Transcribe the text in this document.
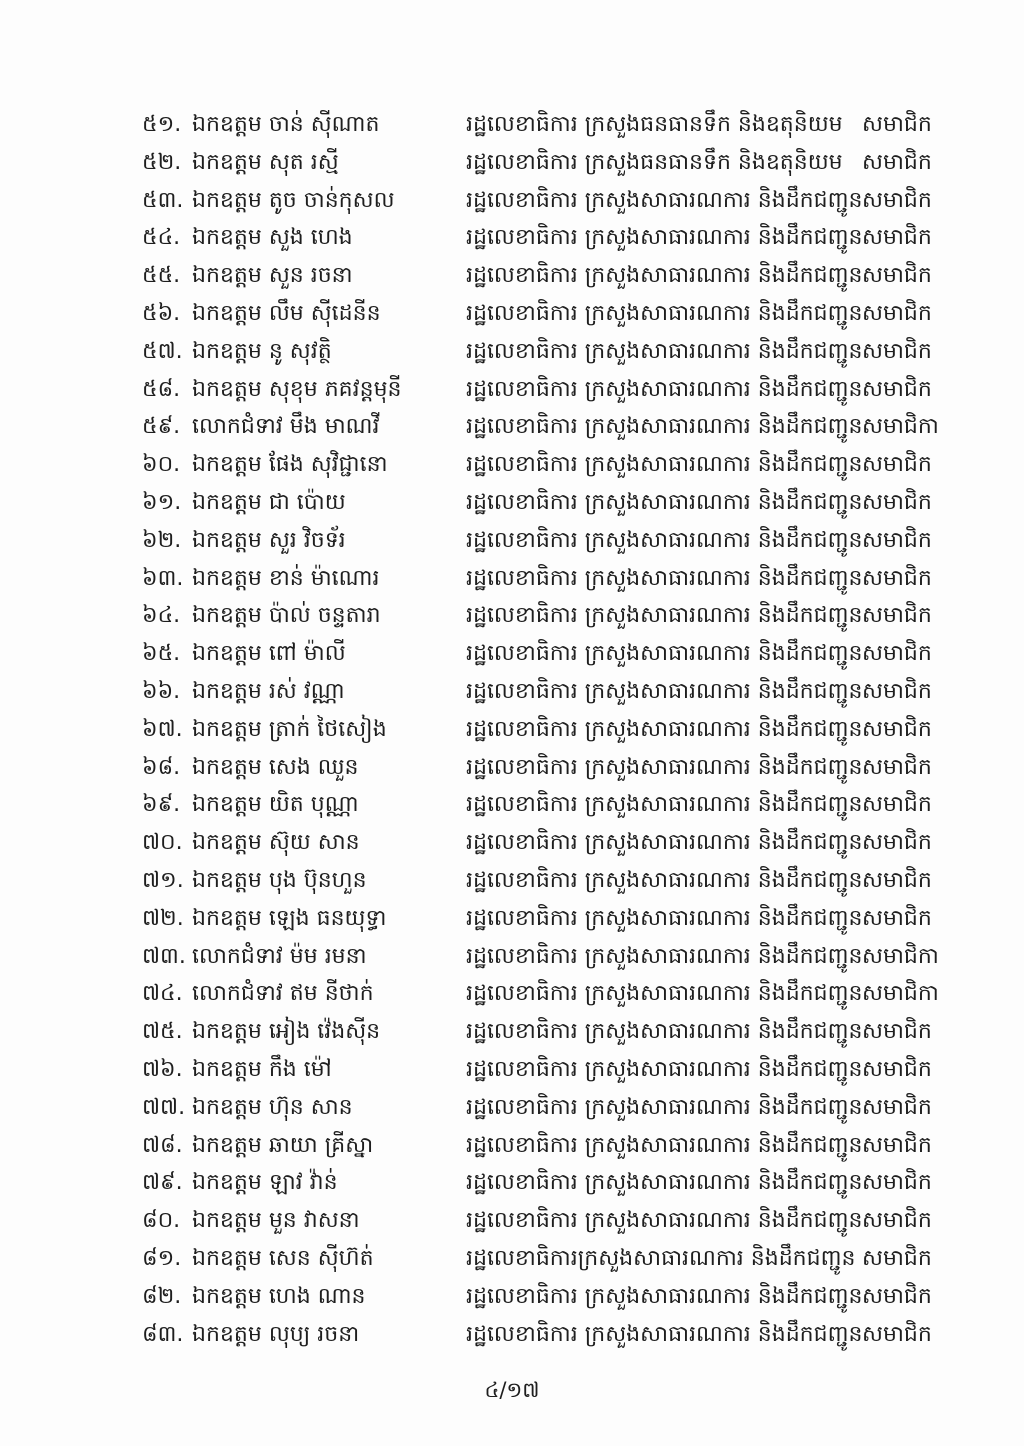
៥១. ឯកឧត្តម ចាន់ ស៊ីណាត	រដ្ឋលេខាធិការ ក្រសួងធនធានទឹក និងឧតុនិយម សមាជិក
៥២. ឯកឧត្តម សុត រស្មី	រដ្ឋលេខាធិការ ក្រសួងធនធានទឹក និងឧតុនិយម សមាជិក
៥៣. ឯកឧត្តម តូច ចាន់កុសល	រដ្ឋលេខាធិការ ក្រសួងសាធារណការ និងដឹកជញ្ជូន សមាជិក
៥៤. ឯកឧត្តម សួង ហេង	រដ្ឋលេខាធិការ ក្រសួងសាធារណការ និងដឹកជញ្ជូន សមាជិក
៥៥. ឯកឧត្តម សួន រចនា	រដ្ឋលេខាធិការ ក្រសួងសាធារណការ និងដឹកជញ្ជូន សមាជិក
៥៦. ឯកឧត្តម លឹម ស៊ីដេនីន	រដ្ឋលេខាធិការ ក្រសួងសាធារណការ និងដឹកជញ្ជូន សមាជិក
៥៧. ឯកឧត្តម នូ សុវត្ថិ	រដ្ឋលេខាធិការ ក្រសួងសាធារណការ និងដឹកជញ្ជូន សមាជិក
៥៨. ឯកឧត្តម សុខុម ភគវន្តមុនី	រដ្ឋលេខាធិការ ក្រសួងសាធារណការ និងដឹកជញ្ជូន សមាជិក
៥៩. លោកជំទាវ មឹង មាណវី	រដ្ឋលេខាធិការ ក្រសួងសាធារណការ និងដឹកជញ្ជូន សមាជិកា
៦០. ឯកឧត្តម ផែង សុវិជ្ជានោ	រដ្ឋលេខាធិការ ក្រសួងសាធារណការ និងដឹកជញ្ជូន សមាជិក
៦១. ឯកឧត្តម ជា ប៉ោយ	រដ្ឋលេខាធិការ ក្រសួងសាធារណការ និងដឹកជញ្ជូន សមាជិក
៦២. ឯកឧត្តម សួរ វិចទ័រ	រដ្ឋលេខាធិការ ក្រសួងសាធារណការ និងដឹកជញ្ជូន សមាជិក
៦៣. ឯកឧត្តម ខាន់ ម៉ាណោរ	រដ្ឋលេខាធិការ ក្រសួងសាធារណការ និងដឹកជញ្ជូន សមាជិក
៦៤. ឯកឧត្តម ប៉ាល់ ចន្ទតារា	រដ្ឋលេខាធិការ ក្រសួងសាធារណការ និងដឹកជញ្ជូន សមាជិក
៦៥. ឯកឧត្តម ពៅ ម៉ាលី	រដ្ឋលេខាធិការ ក្រសួងសាធារណការ និងដឹកជញ្ជូន សមាជិក
៦៦. ឯកឧត្តម រស់ វណ្ណា	រដ្ឋលេខាធិការ ក្រសួងសាធារណការ និងដឹកជញ្ជូន សមាជិក
៦៧. ឯកឧត្តម ត្រាក់ ថៃសៀង	រដ្ឋលេខាធិការ ក្រសួងសាធារណការ និងដឹកជញ្ជូន សមាជិក
៦៨. ឯកឧត្តម សេង ឈួន	រដ្ឋលេខាធិការ ក្រសួងសាធារណការ និងដឹកជញ្ជូន សមាជិក
៦៩. ឯកឧត្តម យិត បុណ្ណា	រដ្ឋលេខាធិការ ក្រសួងសាធារណការ និងដឹកជញ្ជូន សមាជិក
៧០. ឯកឧត្តម ស៊ុយ សាន	រដ្ឋលេខាធិការ ក្រសួងសាធារណការ និងដឹកជញ្ជូន សមាជិក
៧១. ឯកឧត្តម បុង ប៊ុនហួន	រដ្ឋលេខាធិការ ក្រសួងសាធារណការ និងដឹកជញ្ជូន សមាជិក
៧២. ឯកឧត្តម ឡេង ធនយុទ្ធា	រដ្ឋលេខាធិការ ក្រសួងសាធារណការ និងដឹកជញ្ជូន សមាជិក
៧៣. លោកជំទាវ ម៉ម រមនា	រដ្ឋលេខាធិការ ក្រសួងសាធារណការ និងដឹកជញ្ជូន សមាជិកា
៧៤. លោកជំទាវ ឥម នីថាក់	រដ្ឋលេខាធិការ ក្រសួងសាធារណការ និងដឹកជញ្ជូន សមាជិកា
៧៥. ឯកឧត្តម អៀង វ៉េងស៊ីន	រដ្ឋលេខាធិការ ក្រសួងសាធារណការ និងដឹកជញ្ជូន សមាជិក
៧៦. ឯកឧត្តម កឹង ម៉ៅ	រដ្ឋលេខាធិការ ក្រសួងសាធារណការ និងដឹកជញ្ជូន សមាជិក
៧៧. ឯកឧត្តម ហ៊ុន សាន	រដ្ឋលេខាធិការ ក្រសួងសាធារណការ និងដឹកជញ្ជូន សមាជិក
៧៨. ឯកឧត្តម ឆាយា គ្រីស្នា	រដ្ឋលេខាធិការ ក្រសួងសាធារណការ និងដឹកជញ្ជូន សមាជិក
៧៩. ឯកឧត្តម ឡាវ វ៉ាន់	រដ្ឋលេខាធិការ ក្រសួងសាធារណការ និងដឹកជញ្ជូន សមាជិក
៨០. ឯកឧត្តម មួន វាសនា	រដ្ឋលេខាធិការ ក្រសួងសាធារណការ និងដឹកជញ្ជូន សមាជិក
៨១. ឯកឧត្តម សេន ស៊ីហ៊ត់	រដ្ឋលេខាធិការក្រសួងសាធារណការ និងដឹកជញ្ជូន សមាជិក
៨២. ឯកឧត្តម ហេង ណាន	រដ្ឋលេខាធិការ ក្រសួងសាធារណការ និងដឹកជញ្ជូន សមាជិក
៨៣. ឯកឧត្តម លុប្យ រចនា	រដ្ឋលេខាធិការ ក្រសួងសាធារណការ និងដឹកជញ្ជូន សមាជិក
៤/១៧
